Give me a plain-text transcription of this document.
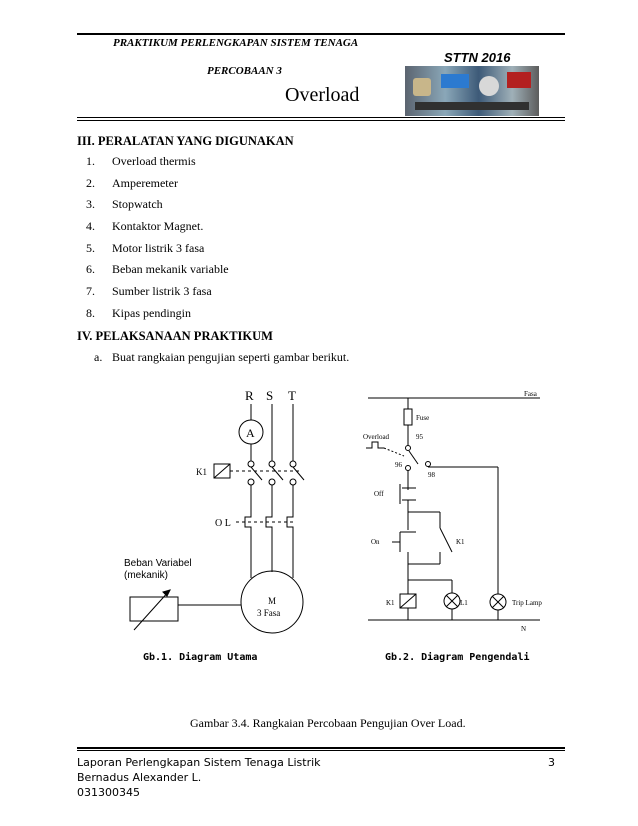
PRAKTIKUM PERLENGKAPAN SISTEM TENAGA
STTN 2016
PERCOBAAN 3
Overload
III. PERALATAN YANG DIGUNAKAN
1.	Overload thermis
2.	Amperemeter
3.	Stopwatch
4.	Kontaktor Magnet.
5.	Motor listrik 3 fasa
6.	Beban mekanik variable
7.	Sumber listrik 3 fasa
8.	Kipas pendingin
IV. PELAKSANAAN PRAKTIKUM
a. Buat rangkaian pengujian seperti gambar berikut.
R S T
A
K1
O L
Beban Variabel
(mekanik)
M
3 Fasa
Fasa
Fuse
Overload	95
96
98
Off
On	K1
K1	L1	Trip Lamp
N
Gb.1. Diagram Utama	Gb.2. Diagram Pengendali
Gambar 3.4. Rangkaian Percobaan Pengujian Over Load.
Laporan Perlengkapan Sistem Tenaga Listrik	3
Bernadus Alexander L.
031300345
